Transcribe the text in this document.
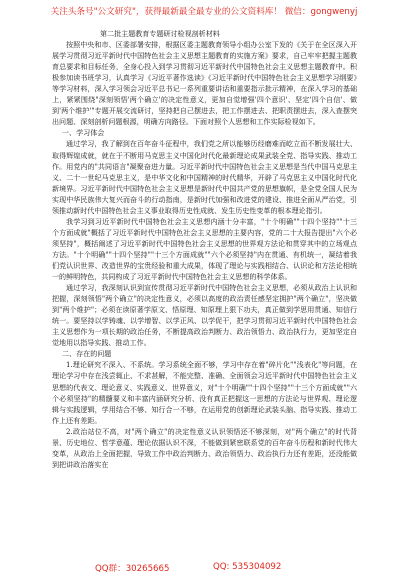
关注头条号"公文研究"，获得最新最全最专业的公文资料库！ 微信：gongwenyj

第二批主题教育专题研讨检视剖析材料

按照中央和市、区委部署安排，根据区委主题教育领导小组办公室下发的《关于在全区深入开展学习贯彻习近平新时代中国特色社会主义思想主题教育的实施方案》要求，自己牢牢把握主题教育总要求和目标任务，全身心投入到学习贯彻习近平新时代中国特色社会主义思想主题教育中。积极参加读书班学习，认真学习《习近平著作选读》《习近平新时代中国特色社会主义思想学习纲要》等学习材料，深入学习领会习近平总书记一系列重要讲话和重要指示批示精神，在深入学习的基础上，紧紧围绕"深刻领悟'两个确立'的决定性意义，更加自觉增强'四个意识'、坚定'四个自信'、做到'两个维护'"专题开展交流研讨，坚持把自己摆进去，把工作摆进去、把职责摆进去，深入查摆突出问题、深刻剖析问题根源，明确方向路径。下面对照个人思想和工作实际检视如下。

一、学习体会

通过学习，我了解到在百年奋斗征程中，我们党之所以能够历经磨难而屹立而不断发展壮大、取得辉煌成就，就在于不断用马克思主义中国化时代化最新理论成果武装全党、指导实践、推动工作。用党内的"共同语言"凝聚奋进力量。习近平新时代中国特色社会主义思想是当代中国马克思主义、二十一世纪马克思主义，是中华文化和中国精神的时代精华，开辟了马克思主义中国化时代化新境界。习近平新时代中国特色社会主义思想是新时代中国共产党的思想旗帜，是全党全国人民为实现中华民族伟大复兴而奋斗的行动指南，是新时代加强和改进党的建设、推进全面从严治党，引领推动新时代中国特色社会主义事业取得历史性成就、发生历史性变革的根本理论指引。

我学习到习近平新时代中国特色社会主义思想内涵十分丰富，"十个明确""十四个坚持""十三个方面成就"概括了习近平新时代中国特色社会主义思想的主要内容，党的二十大报告提出"六个必须坚持"，概括阐述了习近平新时代中国特色社会主义思想的世界观方法论和贯穿其中的立场观点方法。"十个明确""十四个坚持""十三个方面成就""六个必须坚持"内在贯通、有机统一，凝结着我们党认识世界、改造世界的宝贵经验和重大成果，体现了理论与实践相结合、认识论和方法论相统一的鲜明特色，共同构成了习近平新时代中国特色社会主义思想的科学体系。

通过学习，我深刻认识到宣传贯彻习近平新时代中国特色社会主义思想，必须从政治上认识和把握，深刻领悟"两个确立"的决定性意义，必须以高度的政治责任感坚定拥护"两个确立"，坚决做到"两个维护"；必须在读原著学原文、悟原理、知原理上狠下功夫，真正做到学思用贯通、知信行统一。要坚持以学铸魂、以学增智、以学正风、以学促干，把学习贯彻习近平新时代中国特色社会主义思想作为一项长期的政治任务，不断提高政治判断力、政治领悟力、政治执行力，更加坚定自觉地用以指导实践、推动工作。

二、存在的问题

1.理论研究不深入、不系统。学习系统全面不够，学习中存在着"碎片化""浅表化"等问题，在理论学习中存在浅尝辄止、不求甚解，不能完整、准确、全面领会习近平新时代中国特色社会主义思想的代表文、理论意义、实践意义、世界意义，对"十个明确""十四个坚持""十三个方面成就""六个必须坚持"的精髓要义和丰富内涵研究分析、没有真正把握这一思想的方法论与世界观、理论逻辑与实践逻辑，学用结合不够、知行合一不够，在运用党的创新理论武装头脑、指导实践、推动工作上还有差距。

2.政治站位不高，对"两个确立"的决定性意义认识领悟还不够深刻，对"两个确立"的时代背景、历史地位、哲学意蕴、理论依据认识不深，不能做到紧密联系党的百年奋斗历程和新时代伟大变革，从政治上全面把握，导致工作中政治判断力、政治领悟力、政治执行力还有差距，还没能做到把讲政治落实在

QQ群：30265665	QQ: 535304092
